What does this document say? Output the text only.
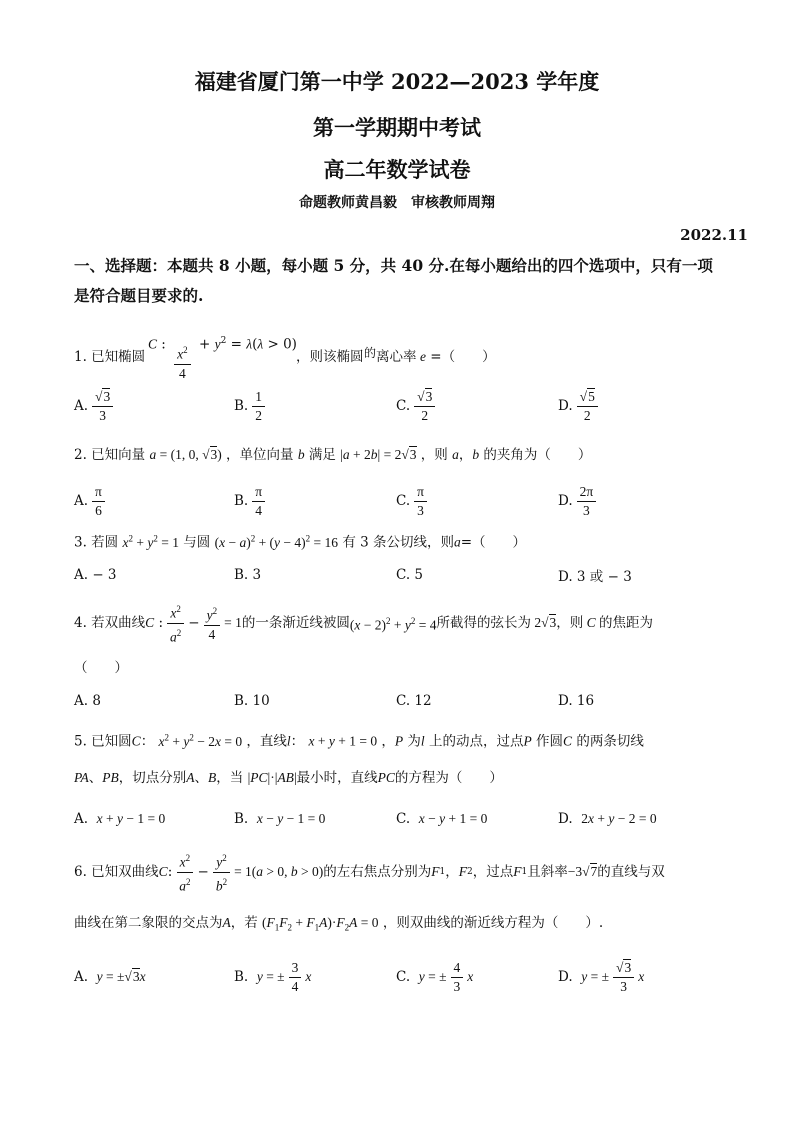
福建省厦门第一中学 2022—2023 学年度
第一学期期中考试
高二年数学试卷
命题教师黄昌毅　审核教师周翔
2022.11
一、选择题：本题共 8 小题，每小题 5 分，共 40 分.在每小题给出的四个选项中，只有一项
是符合题目要求的.
1. 已知椭圆
C : $\frac{x^2}{4} + y^2 = \lambda(\lambda > 0)$
，则该椭圆 的 离心率 e =（　　）
A. $\frac{√3}{3}$	B. $\frac{1}{2}$	C. $\frac{√3}{2}$	D. $\frac{√5}{2}$
2. 已知向量 a = (1, 0, √3) ，单位向量 b 满足 |a + 2b| = 2√3 ，则 a，b 的夹角为（　　）
A. $\frac{\pi}{6}$	B. $\frac{\pi}{4}$	C. $\frac{\pi}{3}$	D. $\frac{2\pi}{3}$
3. 若圆 $x^2 + y^2 = 1$ 与圆 $(x - a)^2 + (y - 4)^2 = 16$ 有 3 条公切线，则a=（　　）
A. − 3	B. 3	C. 5	D. 3 或 − 3
4. 若双曲线 C : $\frac{x^2}{a^2} - \frac{y^2}{4} = 1$ 的一条渐近线被圆 $(x - 2)^2 + y^2 = 4$ 所截得的弦长为 2√3 ，则 C 的焦距为
（　　）
A. 8	B. 10	C. 12	D. 16
5. 已知圆C： $x^2 + y^2 - 2x = 0$ ，直线l： x + y + 1 = 0 ，P 为l 上的动点，过点P 作圆C 的两条切线
PA、PB，切点分别A、B，当 |PC|·|AB|最小时，直线PC的方程为（　　）
A.
x + y − 1 = 0	B.
x − y − 1 = 0	C.
x − y + 1 = 0	D.
2x + y − 2 = 0
6. 已知双曲线 C : $\frac{x^2}{a^2} - \frac{y^2}{b^2} = 1(a > 0$, b > 0) 的左右焦点分别为 F 1 ， F 2 ，过点 F 1 且斜率 −3√7 的直线与双
曲线在第二象限的交点为A，若 $(F_1F_2 + F_1A)\cdot F_2A = 0$ ，则双曲线的渐近线方程为（　　）.
A.
y = ±√3x	B.
y = ± $\frac{3}{4}$ x	C.
y = ± $\frac{4}{3}$ x	D.
y = ± $\frac{√3}{3}$ x
